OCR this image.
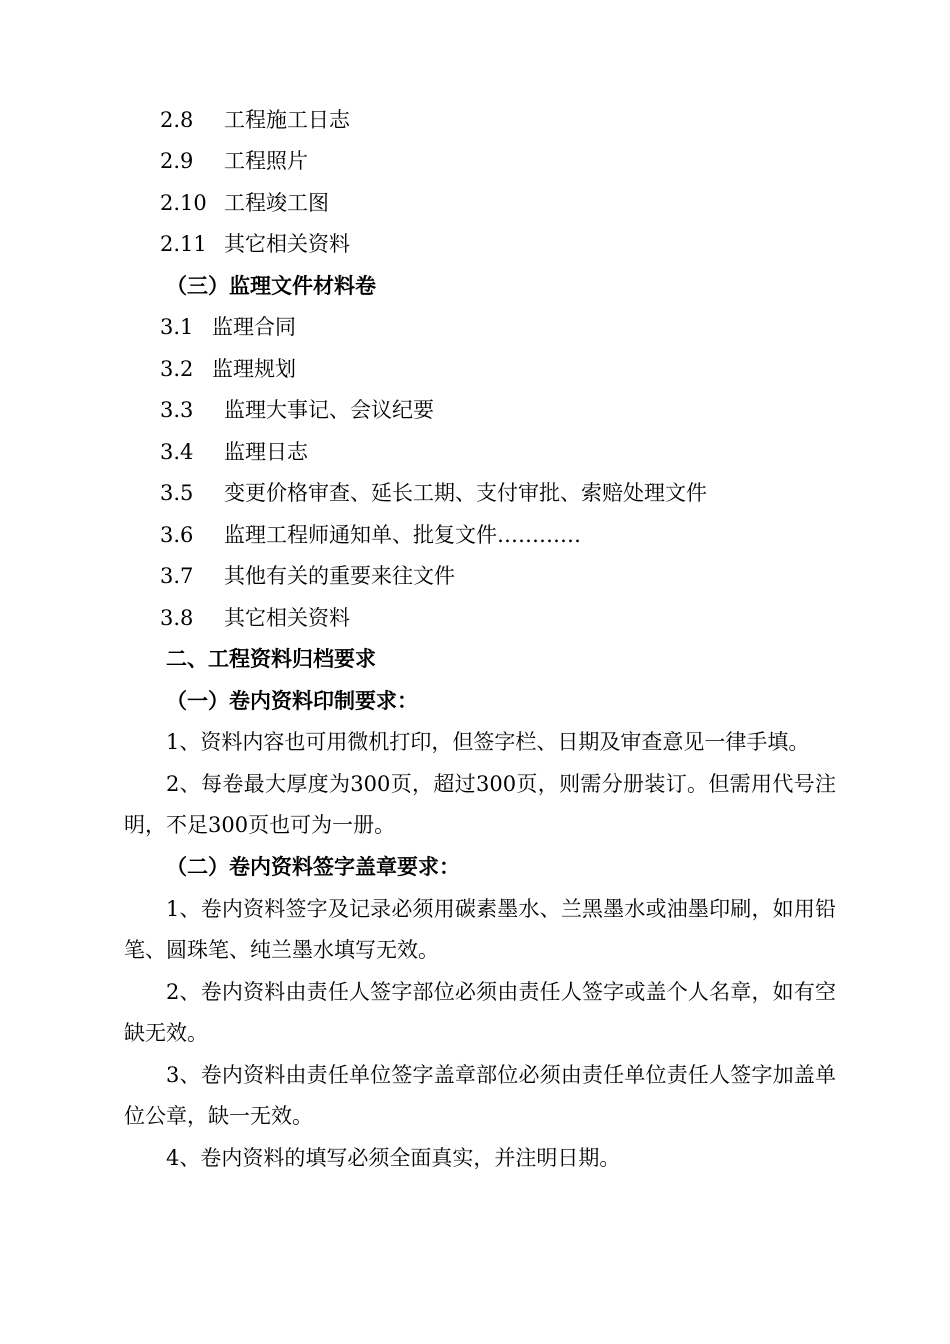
2.8 工程施工日志
2.9 工程照片
2.10 工程竣工图
2.11 其它相关资料
（三）监理文件材料卷
3.1 监理合同
3.2 监理规划
3.3 监理大事记、会议纪要
3.4 监理日志
3.5 变更价格审查、延长工期、支付审批、索赔处理文件
3.6 监理工程师通知单、批复文件…………
3.7 其他有关的重要来往文件
3.8 其它相关资料
二、工程资料归档要求
（一）卷内资料印制要求：
1、资料内容也可用微机打印，但签字栏、日期及审查意见一律手填。
2、每卷最大厚度为300页，超过300页，则需分册装订。但需用代号注明，不足300页也可为一册。
（二）卷内资料签字盖章要求：
1、卷内资料签字及记录必须用碳素墨水、兰黑墨水或油墨印刷，如用铅笔、圆珠笔、纯兰墨水填写无效。
2、卷内资料由责任人签字部位必须由责任人签字或盖个人名章，如有空缺无效。
3、卷内资料由责任单位签字盖章部位必须由责任单位责任人签字加盖单位公章，缺一无效。
4、卷内资料的填写必须全面真实，并注明日期。
